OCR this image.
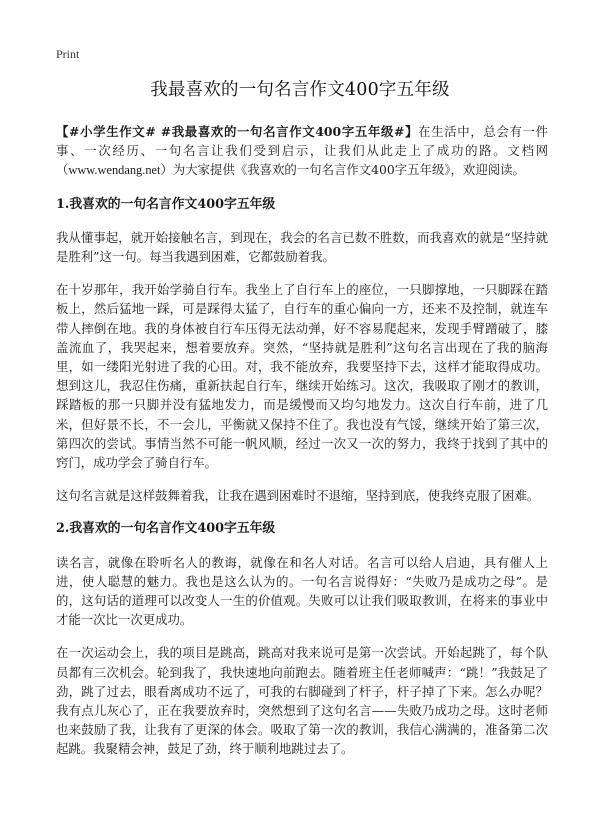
Print
我最喜欢的一句名言作文400字五年级

【#小学生作文# #我最喜欢的一句名言作文400字五年级#】在生活中，总会有一件事、一次经历、一句名言让我们受到启示，让我们从此走上了成功的路。文档网（www.wendang.net）为大家提供《我喜欢的一句名言作文400字五年级》，欢迎阅读。

1.我喜欢的一句名言作文400字五年级

我从懂事起，就开始接触名言，到现在，我会的名言已数不胜数，而我喜欢的就是“坚持就是胜利”这一句。每当我遇到困难，它都鼓励着我。

在十岁那年，我开始学骑自行车。我坐上了自行车上的座位，一只脚撑地，一只脚踩在踏板上，然后猛地一踩，可是踩得太猛了，自行车的重心偏向一方，还来不及控制，就连车带人摔倒在地。我的身体被自行车压得无法动弹，好不容易爬起来，发现手臂蹭破了，膝盖流血了，我哭起来，想着要放弃。突然，“坚持就是胜利”这句名言出现在了我的脑海里，如一缕阳光射进了我的心田。对，我不能放弃，我要坚持下去，这样才能取得成功。想到这儿，我忍住伤痛，重新扶起自行车，继续开始练习。这次，我吸取了刚才的教训，踩踏板的那一只脚并没有猛地发力，而是缓慢而又均匀地发力。这次自行车前，进了几米，但好景不长，不一会儿，平衡就又保持不住了。我也没有气馁，继续开始了第三次，第四次的尝试。事情当然不可能一帆风顺，经过一次又一次的努力，我终于找到了其中的窍门，成功学会了骑自行车。

这句名言就是这样鼓舞着我，让我在遇到困难时不退缩，坚持到底，使我终克服了困难。

2.我喜欢的一句名言作文400字五年级

读名言，就像在聆听名人的教诲，就像在和名人对话。名言可以给人启迪，具有催人上进，使人聪慧的魅力。我也是这么认为的。一句名言说得好：“失败乃是成功之母”。是的，这句话的道理可以改变人一生的价值观。失败可以让我们吸取教训，在将来的事业中才能一次比一次更成功。

在一次运动会上，我的项目是跳高，跳高对我来说可是第一次尝试。开始起跳了，每个队员都有三次机会。轮到我了，我快速地向前跑去。随着班主任老师喊声：“跳！”我鼓足了劲，跳了过去，眼看离成功不远了，可我的右脚碰到了杆子，杆子掉了下来。怎么办呢？我有点儿灰心了，正在我要放弃时，突然想到了这句名言——失败乃成功之母。这时老师也来鼓励了我，让我有了更深的体会。吸取了第一次的教训，我信心满满的，准备第二次起跳。我聚精会神，鼓足了劲，终于顺利地跳过去了。
